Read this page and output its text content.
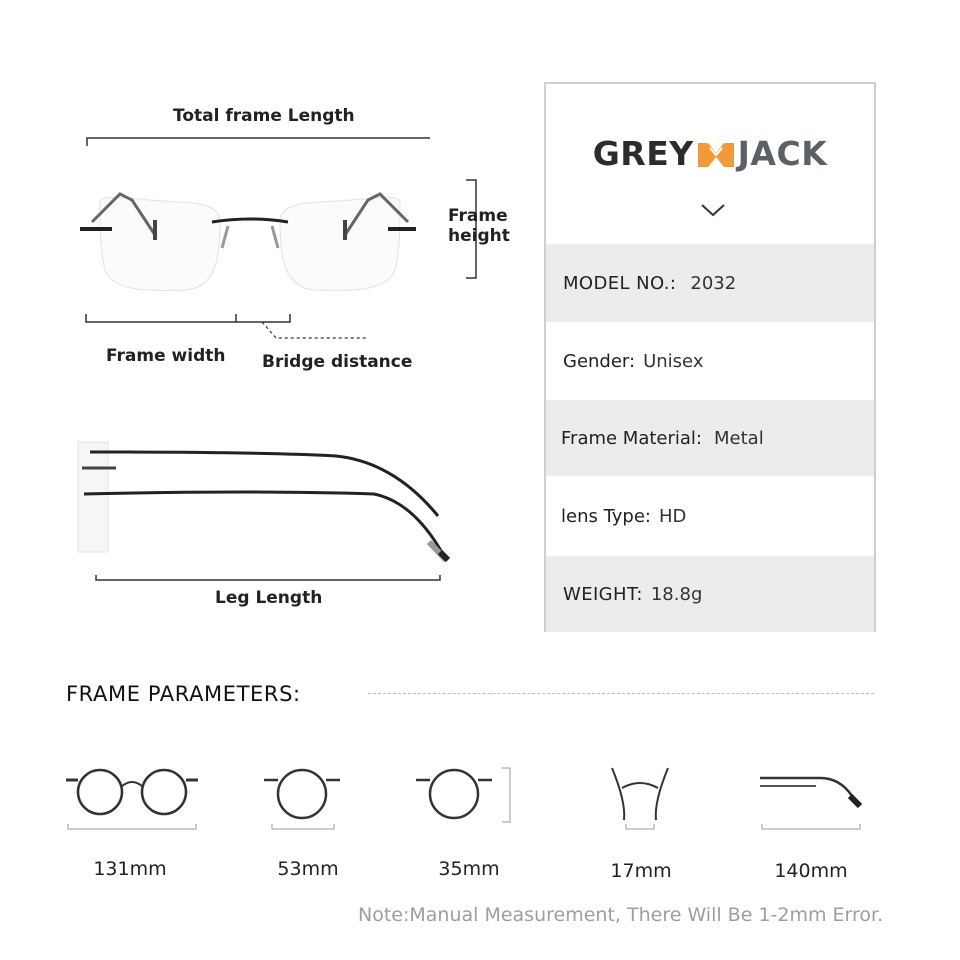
Total frame Length
Frame
height
Frame width Bridge distance
Leg Length
GREY JACK
MODEL NO.: 2032
Gender: Unisex
Frame Material: Metal
lens Type: HD
WEIGHT: 18.8g
FRAME PARAMETERS:
131mm	53mm	35mm	17mm	140mm
Note:Manual Measurement, There Will Be 1-2mm Error.
